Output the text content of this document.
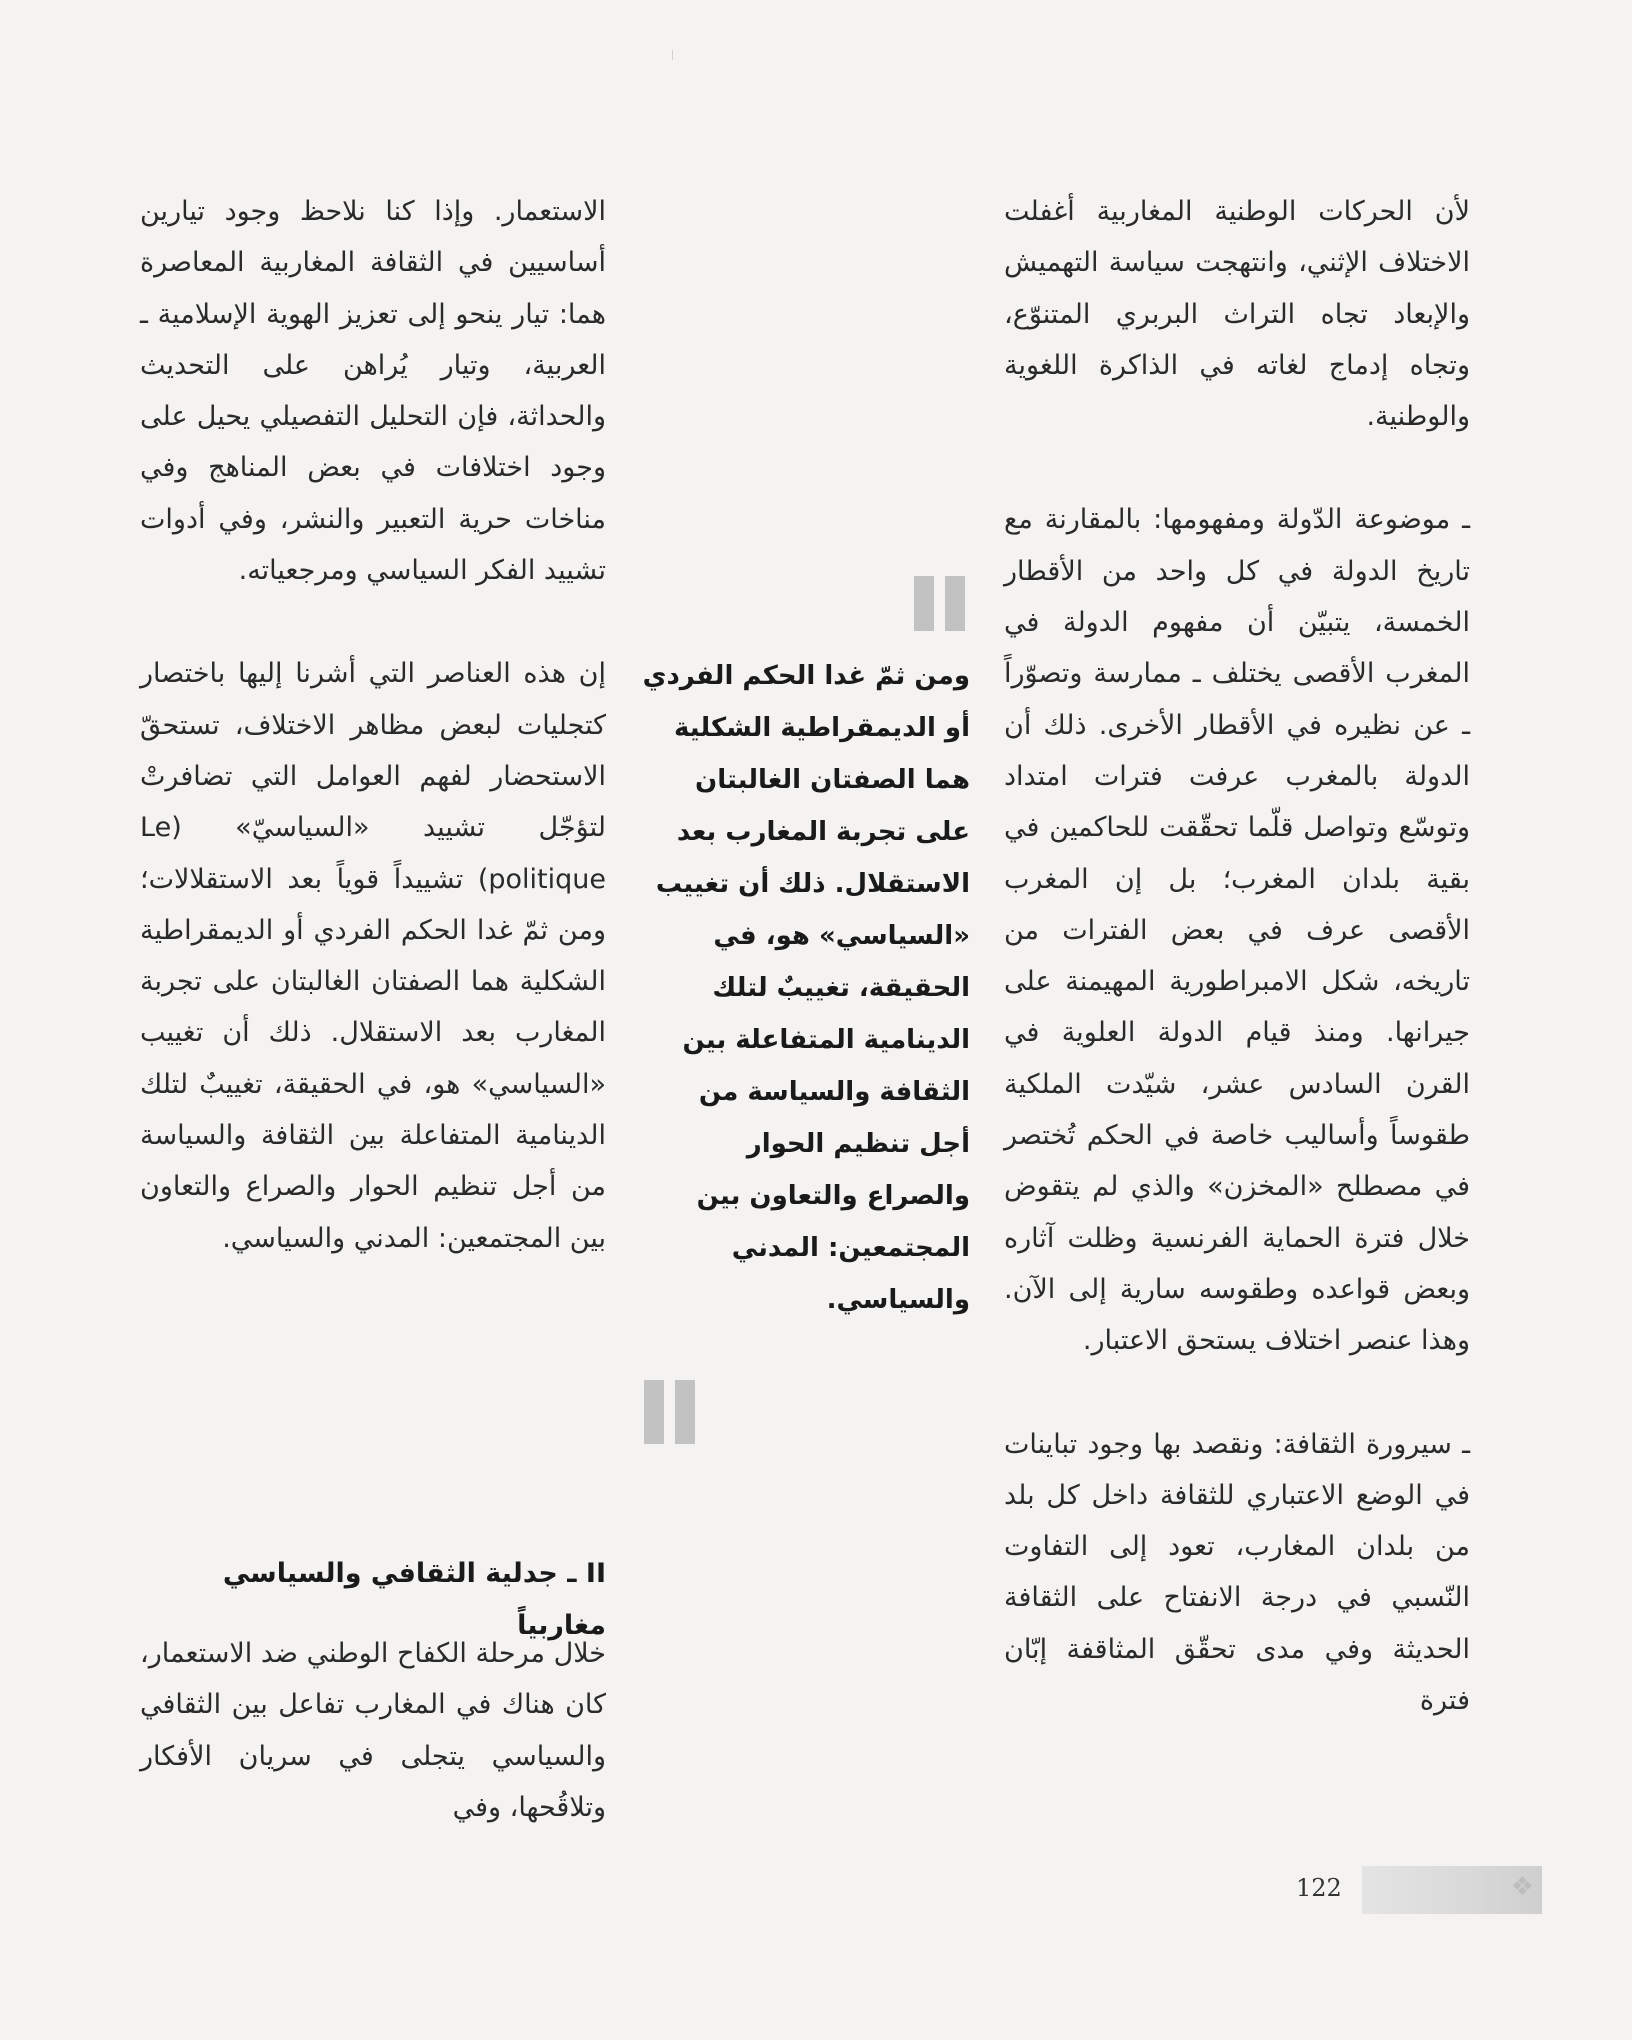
لأن الحركات الوطنية المغاربية أغفلت الاختلاف الإثني، وانتهجت سياسة التهميش والإبعاد تجاه التراث البربري المتنوّع، وتجاه إدماج لغاته في الذاكرة اللغوية والوطنية.

ـ موضوعة الدّولة ومفهومها: بالمقارنة مع تاريخ الدولة في كل واحد من الأقطار الخمسة، يتبيّن أن مفهوم الدولة في المغرب الأقصى يختلف ـ ممارسة وتصوّراً ـ عن نظيره في الأقطار الأخرى. ذلك أن الدولة بالمغرب عرفت فترات امتداد وتوسّع وتواصل قلّما تحقّقت للحاكمين في بقية بلدان المغرب؛ بل إن المغرب الأقصى عرف في بعض الفترات من تاريخه، شكل الامبراطورية المهيمنة على جيرانها. ومنذ قيام الدولة العلوية في القرن السادس عشر، شيّدت الملكية طقوساً وأساليب خاصة في الحكم تُختصر في مصطلح «المخزن» والذي لم يتقوض خلال فترة الحماية الفرنسية وظلت آثاره وبعض قواعده وطقوسه سارية إلى الآن. وهذا عنصر اختلاف يستحق الاعتبار.

ـ سيرورة الثقافة: ونقصد بها وجود تباينات في الوضع الاعتباري للثقافة داخل كل بلد من بلدان المغارب، تعود إلى التفاوت النّسبي في درجة الانفتاح على الثقافة الحديثة وفي مدى تحقّق المثاقفة إبّان فترة

ومن ثمّ غدا الحكم الفردي أو الديمقراطية الشكلية هما الصفتان الغالبتان على تجربة المغارب بعد الاستقلال. ذلك أن تغييب «السياسي» هو، في الحقيقة، تغييبٌ لتلك الدينامية المتفاعلة بين الثقافة والسياسة من أجل تنظيم الحوار والصراع والتعاون بين المجتمعين: المدني والسياسي.

الاستعمار. وإذا كنا نلاحظ وجود تيارين أساسيين في الثقافة المغاربية المعاصرة هما: تيار ينحو إلى تعزيز الهوية الإسلامية ـ العربية، وتيار يُراهن على التحديث والحداثة، فإن التحليل التفصيلي يحيل على وجود اختلافات في بعض المناهج وفي مناخات حرية التعبير والنشر، وفي أدوات تشييد الفكر السياسي ومرجعياته.

إن هذه العناصر التي أشرنا إليها باختصار كتجليات لبعض مظاهر الاختلاف، تستحقّ الاستحضار لفهم العوامل التي تضافرتْ لتؤجّل تشييد «السياسيّ» (Le politique) تشييداً قوياً بعد الاستقلالات؛ ومن ثمّ غدا الحكم الفردي أو الديمقراطية الشكلية هما الصفتان الغالبتان على تجربة المغارب بعد الاستقلال. ذلك أن تغييب «السياسي» هو، في الحقيقة، تغييبٌ لتلك الدينامية المتفاعلة بين الثقافة والسياسة من أجل تنظيم الحوار والصراع والتعاون بين المجتمعين: المدني والسياسي.

II ـ جدلية الثقافي والسياسي مغاربياً

خلال مرحلة الكفاح الوطني ضد الاستعمار، كان هناك في المغارب تفاعل بين الثقافي والسياسي يتجلى في سريان الأفكار وتلاقُحها، وفي

122	❖
